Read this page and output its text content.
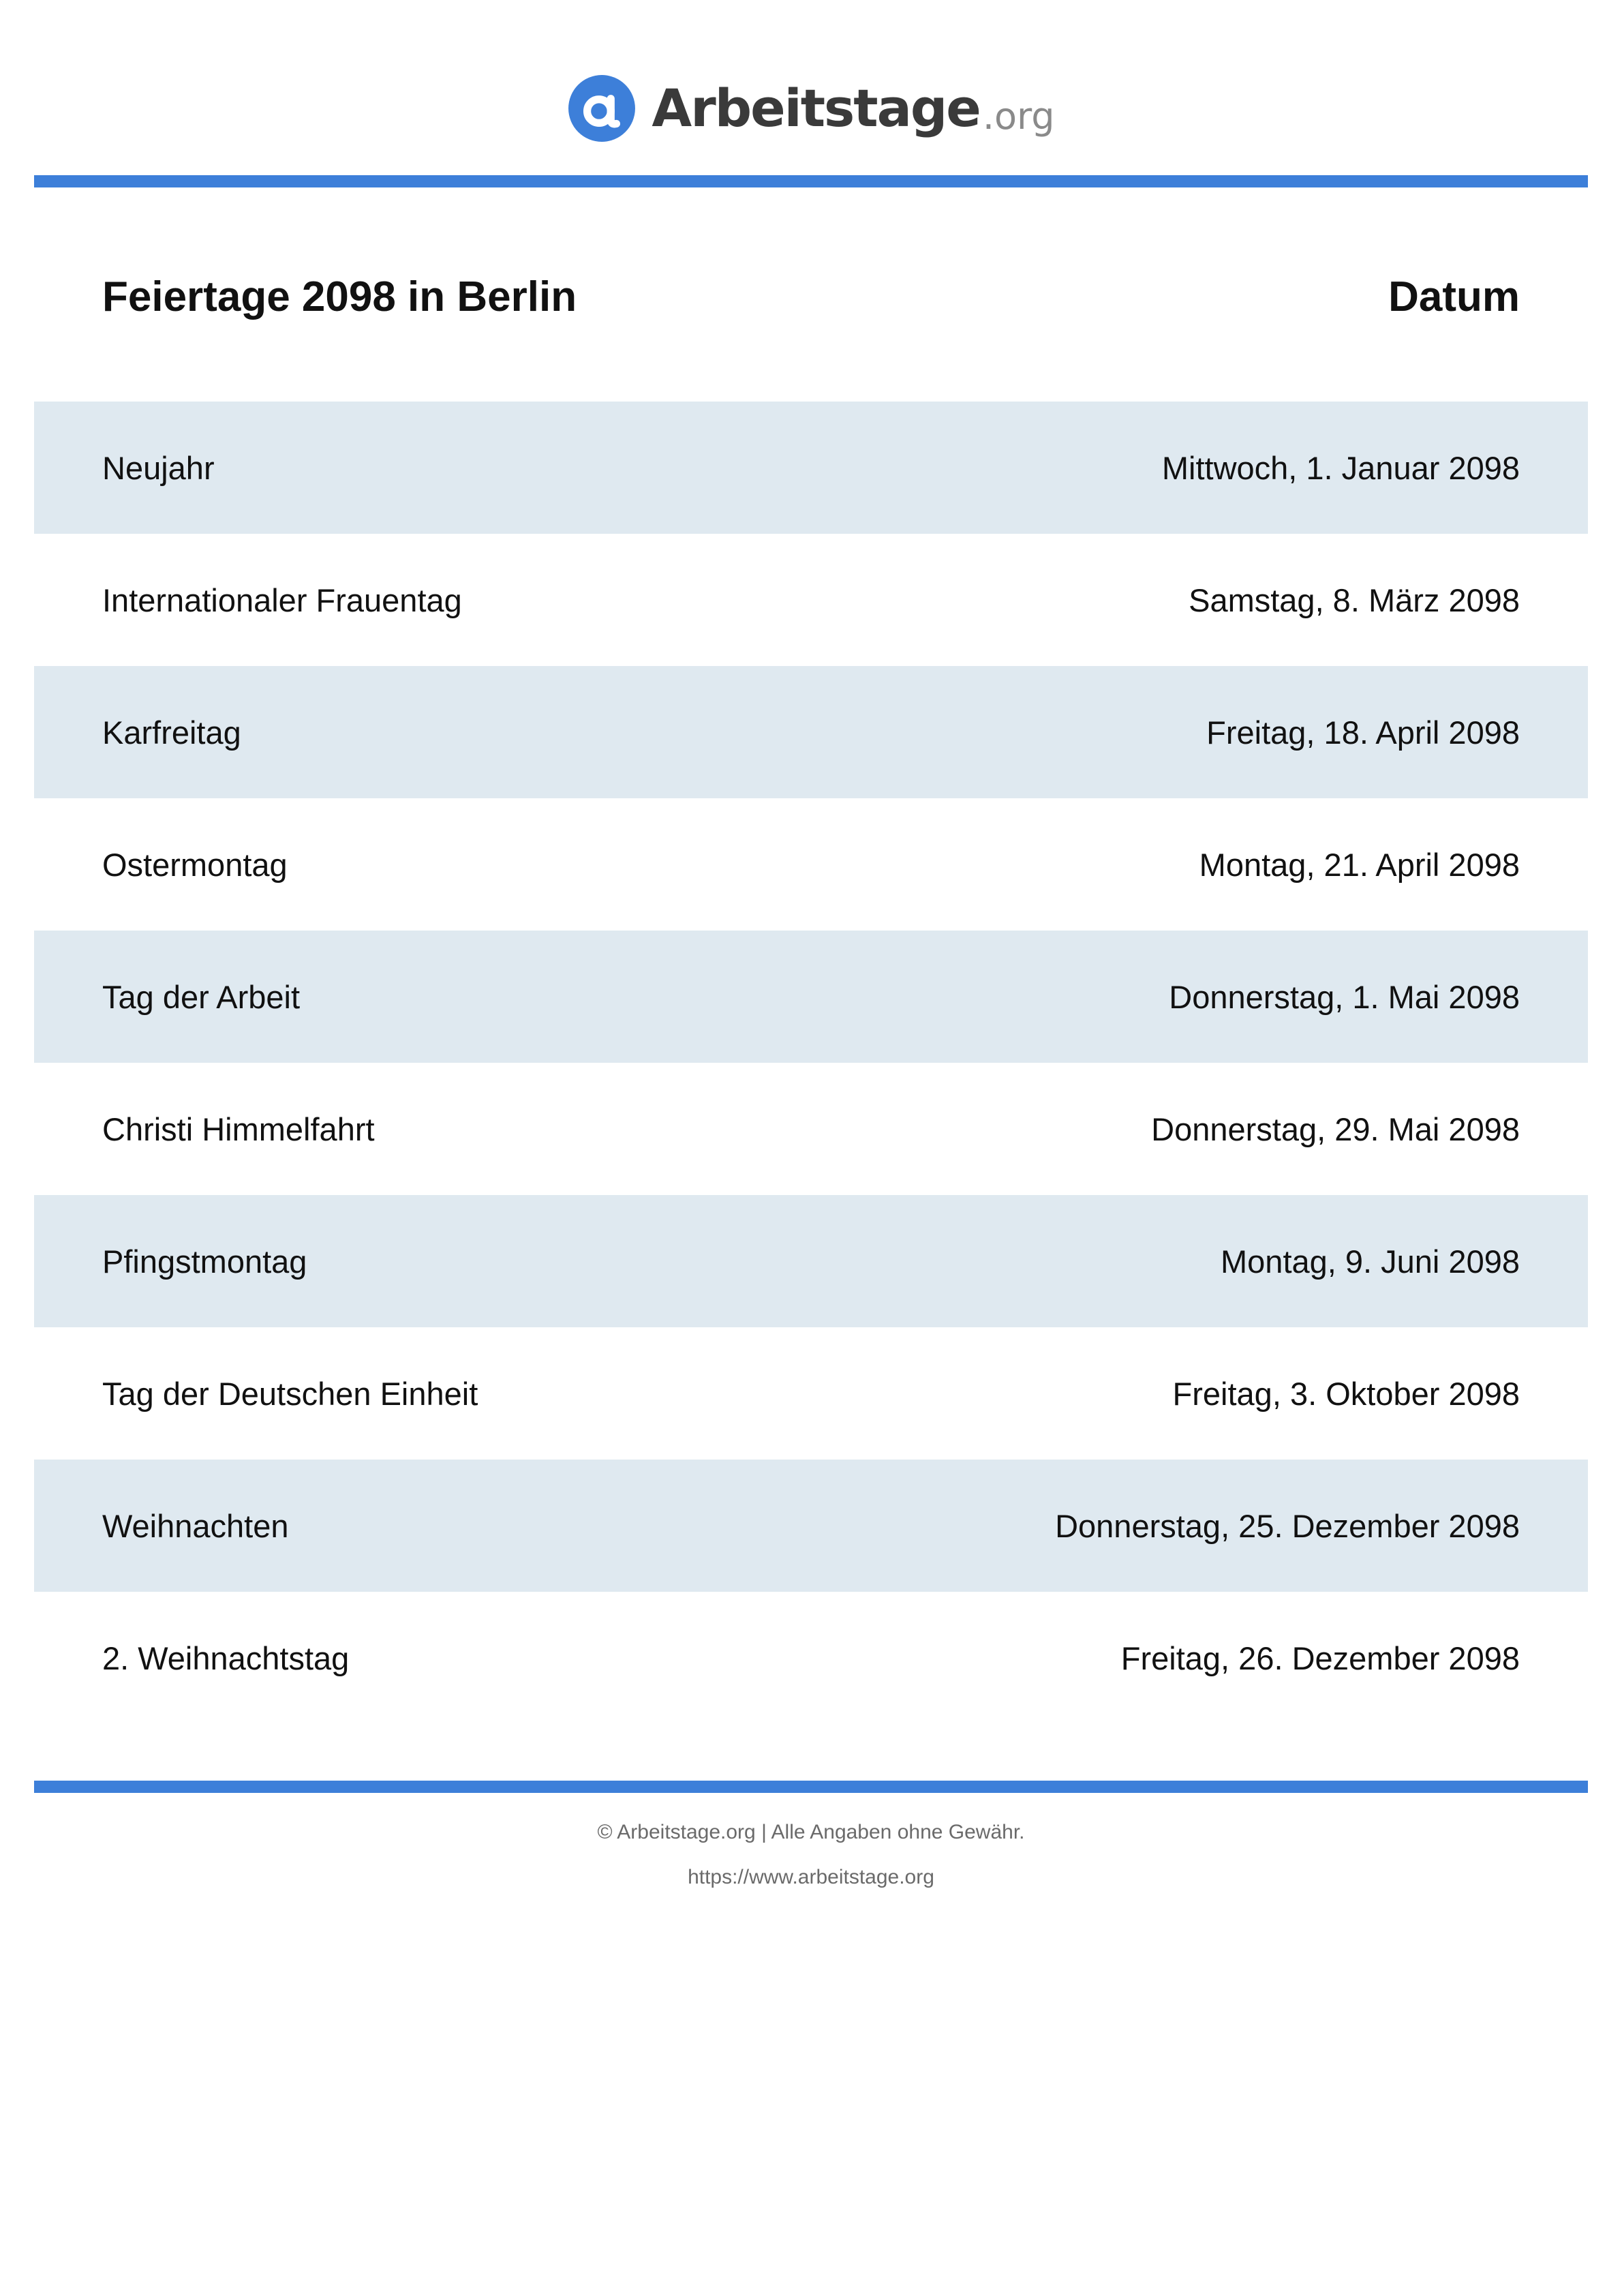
Arbeitstage .org
Feiertage 2098 in Berlin	Datum
Neujahr	Mittwoch, 1. Januar 2098
Internationaler Frauentag	Samstag, 8. März 2098
Karfreitag	Freitag, 18. April 2098
Ostermontag	Montag, 21. April 2098
Tag der Arbeit	Donnerstag, 1. Mai 2098
Christi Himmelfahrt	Donnerstag, 29. Mai 2098
Pfingstmontag	Montag, 9. Juni 2098
Tag der Deutschen Einheit	Freitag, 3. Oktober 2098
Weihnachten	Donnerstag, 25. Dezember 2098
2. Weihnachtstag	Freitag, 26. Dezember 2098
© Arbeitstage.org | Alle Angaben ohne Gewähr.
https://www.arbeitstage.org
